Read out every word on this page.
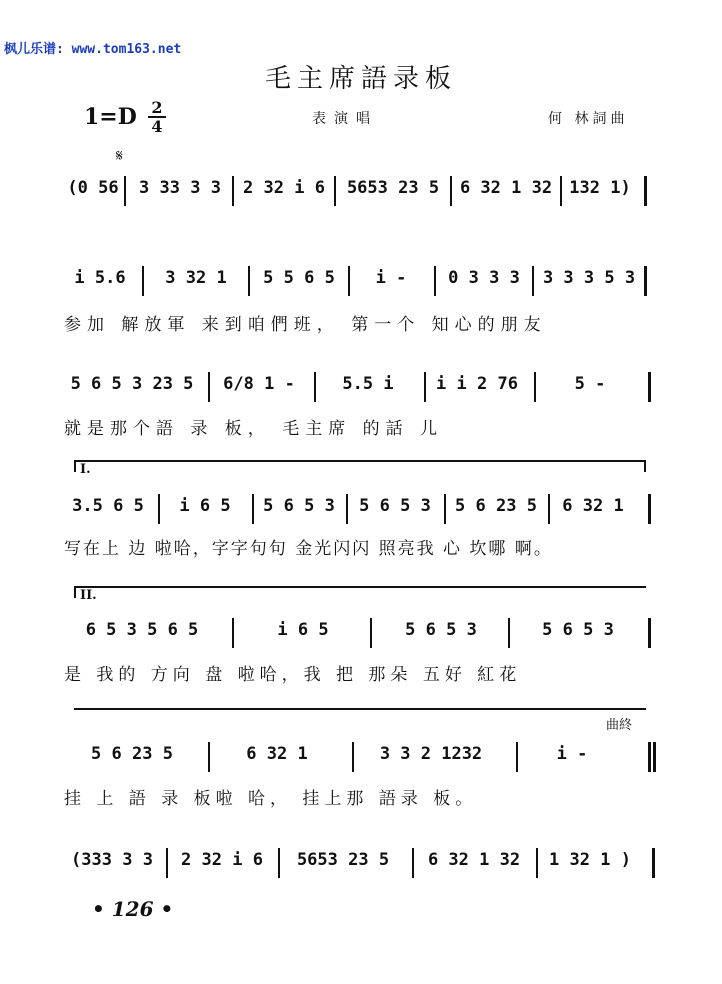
枫儿乐谱: www.tom163.net
毛主席語录板
1=D 2
4	表演唱	何 林詞曲
𝄋
(0 56	3 33 3 3	2 32 i 6	5653 23 5	6 32 1 32	132 1)
i 5.6	3 32 1	5 5 6 5	i -	0 3 3 3	3 3 3 5 3
参加 解放軍 来到咱們班， 第一个 知心的朋友
5 6 5 3 23 5	6/8 1 -	5.5 i	i i 2 76	5 -
就是那个語 录 板， 毛主席 的話 儿
I.
3.5 6 5	i 6 5	5 6 5 3	5 6 5 3	5 6 23 5	6 32 1
写在上 边 啦哈，字字句句 金光闪闪 照亮我 心 坎哪 啊。
II.
6 5 3 5 6 5	i 6 5	5 6 5 3	5 6 5 3
是 我的 方向 盘 啦哈，我 把 那朵 五好 紅花
曲終
5 6 23 5	6 32 1	3 3 2 1232	i -
挂 上 語 录 板啦 哈， 挂上那 語录 板。
(333 3 3	2 32 i 6	5653 23 5	6 32 1 32	1 32 1 )
• 126 •
